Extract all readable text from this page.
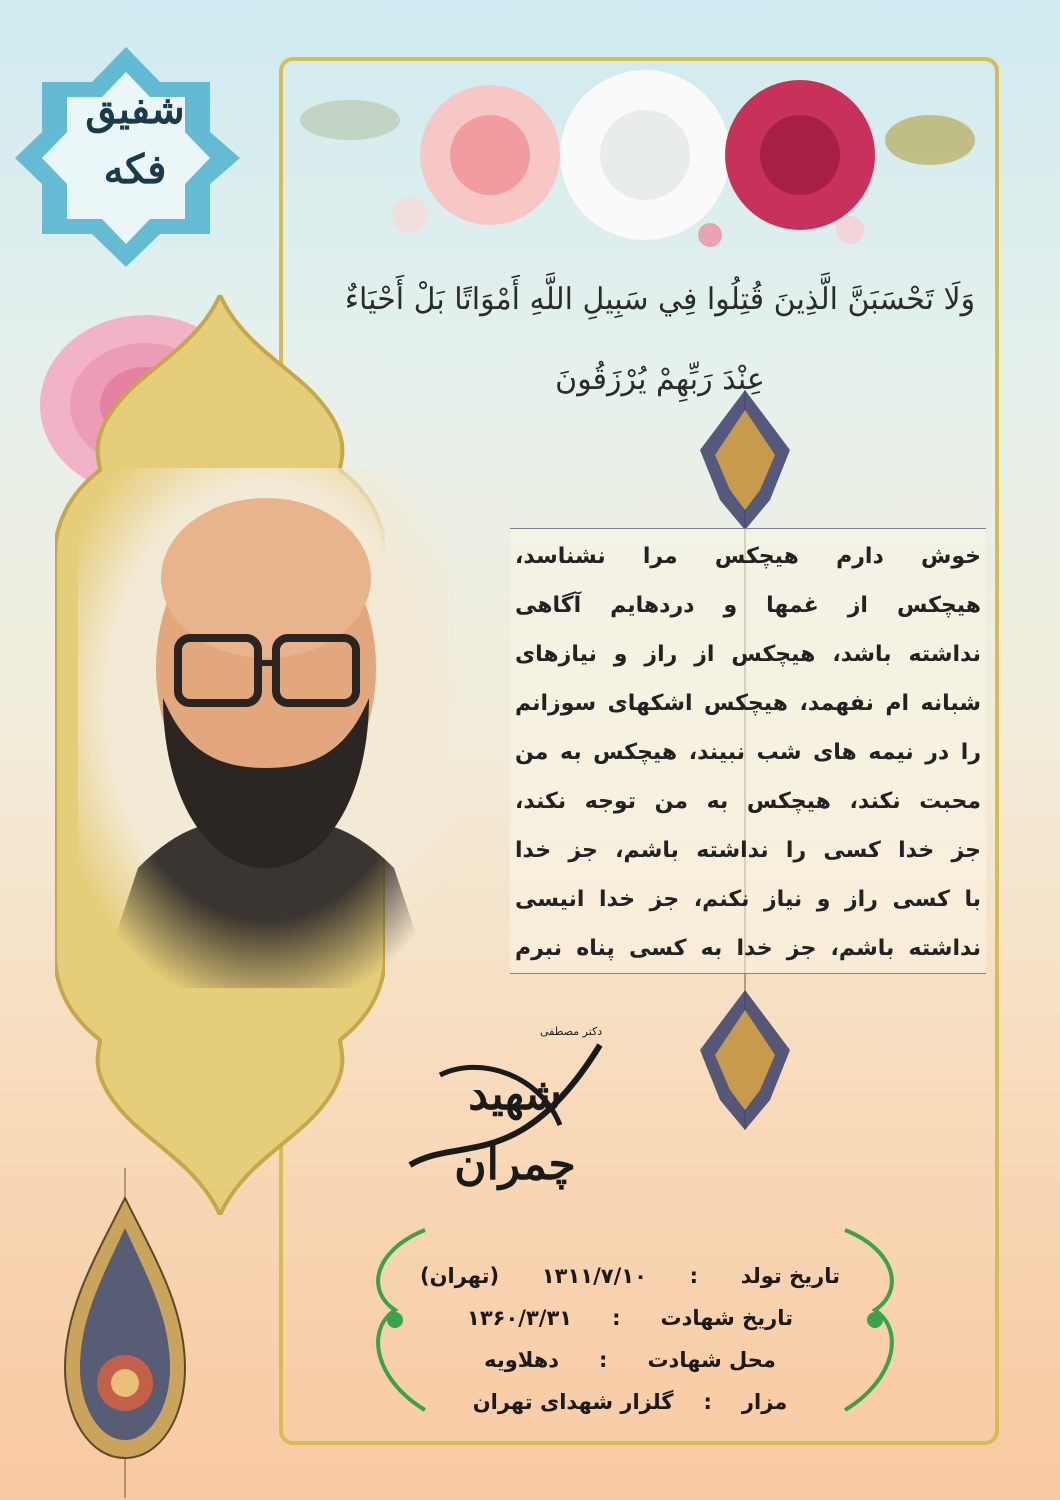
شفیق فکه
وَلَا تَحْسَبَنَّ الَّذِينَ قُتِلُوا فِي سَبِيلِ اللَّهِ أَمْوَاتًا بَلْ أَحْيَاءٌ عِنْدَ رَبِّهِمْ يُرْزَقُونَ
خوش دارم هیچکس مرا نشناسد،
هیچکس از غمها و دردهایم آگاهی
نداشته باشد، هیچکس از راز و نیازهای
شبانه ام نفهمد، هیچکس اشکهای سوزانم
را در نیمه های شب نبیند، هیچکس به من
محبت نکند، هیچکس به من توجه نکند،
جز خدا کسی را نداشته باشم، جز خدا
با کسی راز و نیاز نکنم، جز خدا انیسی
نداشته باشم، جز خدا به کسی پناه نبرم
دکتر مصطفی
شهید چمران
تاریخ تولد
:
۱۳۱۱/۷/۱۰
(تهران)
تاریخ شهادت
:
۱۳۶۰/۳/۳۱
محل شهادت
:
دهلاویه
مزار
:
گلزار شهدای تهران
